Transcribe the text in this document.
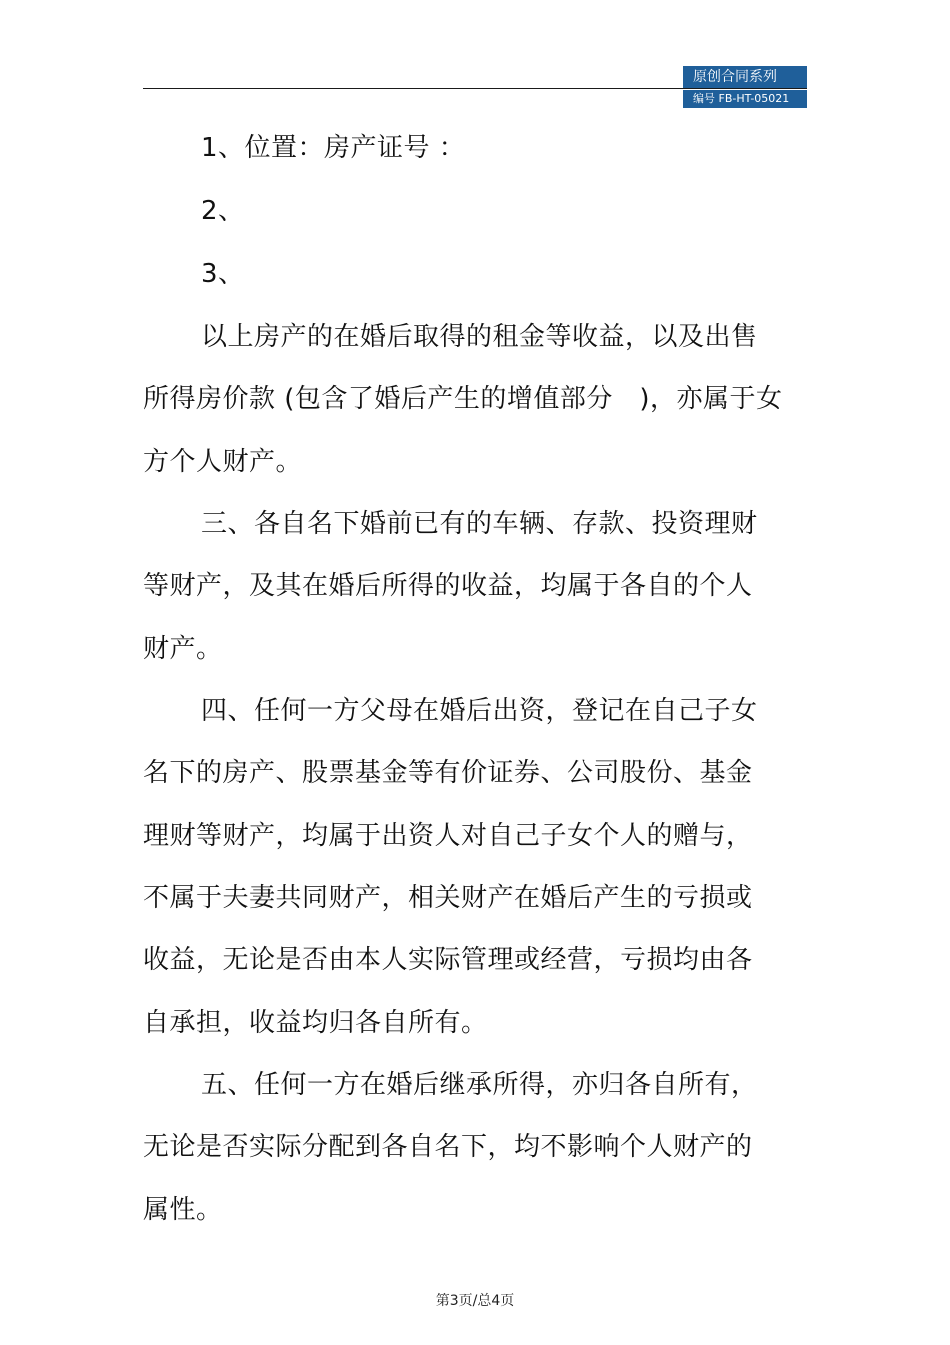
原创合同系列
编号 FB-HT-05021
1、位置：房产证号 ：
2、
3、
以上房产的在婚后取得的租金等收益，以及出售
所得房价款 (包含了婚后产生的增值部分　)，亦属于女
方个人财产。
三、各自名下婚前已有的车辆、存款、投资理财
等财产，及其在婚后所得的收益，均属于各自的个人
财产。
四、任何一方父母在婚后出资，登记在自己子女
名下的房产、股票基金等有价证券、公司股份、基金
理财等财产，均属于出资人对自己子女个人的赠与，
不属于夫妻共同财产，相关财产在婚后产生的亏损或
收益，无论是否由本人实际管理或经营，亏损均由各
自承担，收益均归各自所有。
五、任何一方在婚后继承所得，亦归各自所有，
无论是否实际分配到各自名下，均不影响个人财产的
属性。
第3页/总4页
